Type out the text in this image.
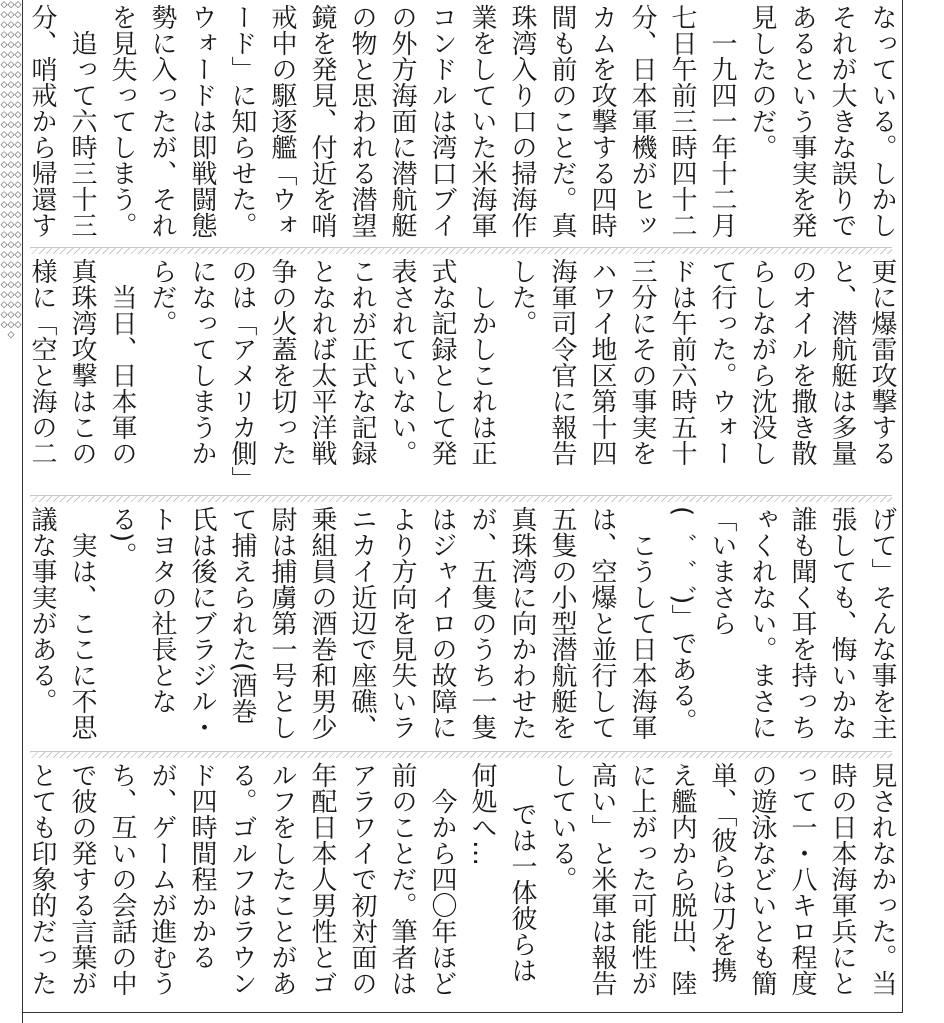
◇◇◇◇◇◇◇◇◇◇◇◇◇◇◇◇◇◇◇◇◇◇◇◇◇◇◇◇◇◇◇◇◇◇◇◇◇◇◇◇◇◇◇◇◇◇◇◇◇◇◇◇◇◇◇◇◇◇◇◇◇◇◇◇◇◇◇◇◇◇◇◇◇◇◇◇◇◇◇◇◇◇◇◇◇◇◇◇◇◇◇◇◇◇◇◇◇◇◇◇

なっている。しかしそれが大きな誤りであるという事実を発見したのだ。

一九四一年十二月七日午前三時四十二分、日本軍機がヒッカムを攻撃する四時間も前のことだ。真珠湾入り口の掃海作業をしていた米海軍コンドルは湾口ブイの外方海面に潜航艇の物と思われる潜望鏡を発見、付近を哨戒中の駆逐艦「ウォード」に知らせた。ウォードは即戦闘態勢に入ったが、それを見失ってしまう。

追って六時三十三分、哨戒から帰還す

更に爆雷攻撃すると、潜航艇は多量のオイルを撒き散らしながら沈没して行った。ウォードは午前六時五十三分にその事実をハワイ地区第十四海軍司令官に報告した。

しかしこれは正式な記録として発表されていない。これが正式な記録となれば太平洋戦争の火蓋を切ったのは「アメリカ側」になってしまうからだ。

当日、日本軍の真珠湾攻撃はこの様に「空と海の二

げて」そんな事を主張しても、悔いかな誰も聞く耳を持っちゃくれない。まさに「いまさら(゛゛゛)」である。

こうして日本海軍は、空爆と並行して五隻の小型潜航艇を真珠湾に向かわせたが、五隻のうち一隻はジャイロの故障により方向を見失いラニカイ近辺で座礁、乗組員の酒巻和男少尉は捕虜第一号として捕えられた(酒巻氏は後にブラジル・トヨタの社長となる)。

実は、ここに不思議な事実がある。

見されなかった。当時の日本海軍兵にとって一・八キロ程度の遊泳などいとも簡単、「彼らは刀を携え艦内から脱出、陸に上がった可能性が高い」と米軍は報告している。

では一体彼らは何処へ…

今から四〇年ほど前のことだ。筆者はアラワイで初対面の年配日本人男性とゴルフをしたことがある。ゴルフはラウンド四時間程かかるが、ゲームが進むうち、互いの会話の中で彼の発する言葉がとても印象的だった
